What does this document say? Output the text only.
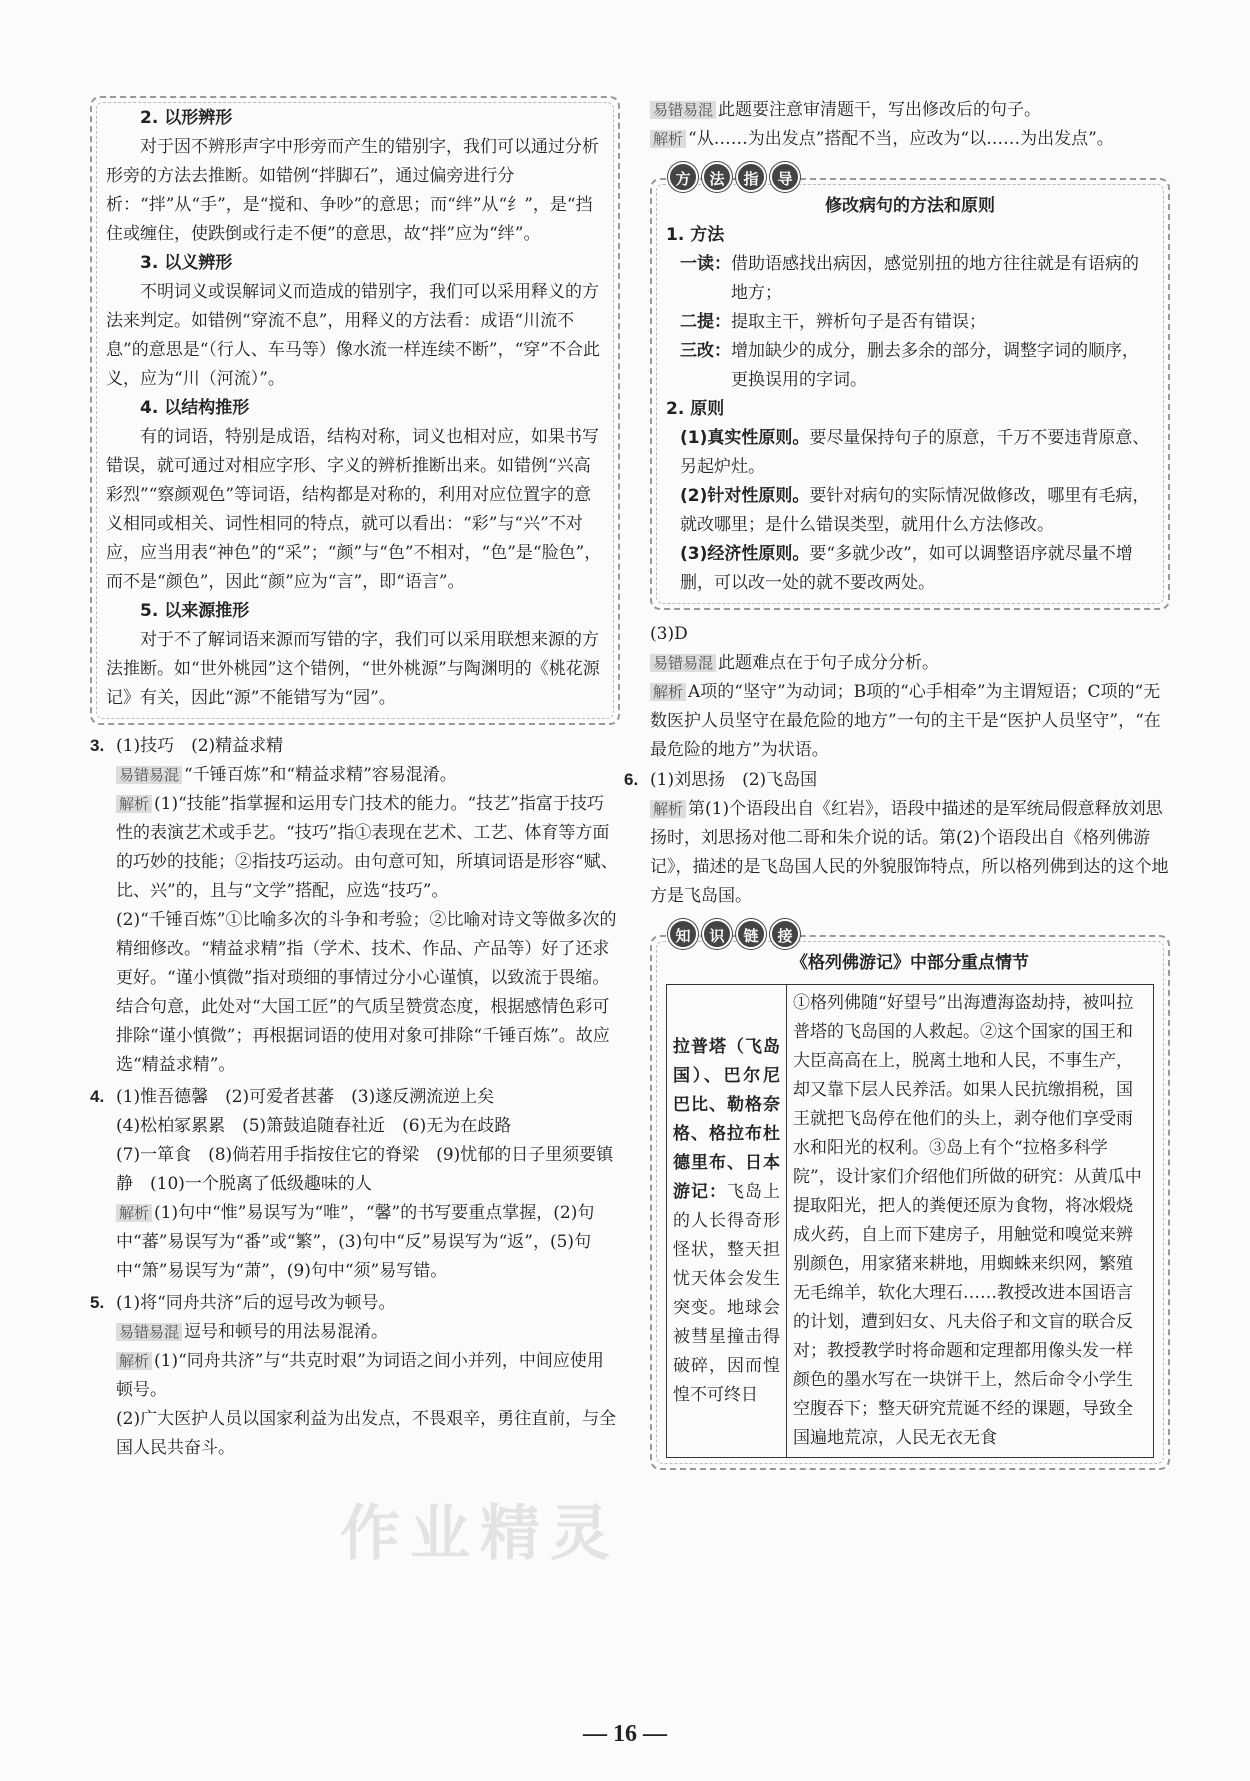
2. 以形辨形

对于因不辨形声字中形旁而产生的错别字，我们可以通过分析形旁的方法去推断。如错例“拌脚石”，通过偏旁进行分析：“拌”从“手”，是“搅和、争吵”的意思；而“绊”从“纟”，是“挡住或缠住，使跌倒或行走不便”的意思，故“拌”应为“绊”。

3. 以义辨形

不明词义或误解词义而造成的错别字，我们可以采用释义的方法来判定。如错例“穿流不息”，用释义的方法看：成语“川流不息”的意思是“（行人、车马等）像水流一样连续不断”，“穿”不合此义，应为“川（河流）”。

4. 以结构推形

有的词语，特别是成语，结构对称，词义也相对应，如果书写错误，就可通过对相应字形、字义的辨析推断出来。如错例“兴高彩烈”“察颜观色”等词语，结构都是对称的，利用对应位置字的意义相同或相关、词性相同的特点，就可以看出：“彩”与“兴”不对应，应当用表“神色”的“采”；“颜”与“色”不相对，“色”是“脸色”，而不是“颜色”，因此“颜”应为“言”，即“语言”。

5. 以来源推形

对于不了解词语来源而写错的字，我们可以采用联想来源的方法推断。如“世外桃园”这个错例，“世外桃源”与陶渊明的《桃花源记》有关，因此“源”不能错写为“园”。

3. (1)技巧　(2)精益求精

易错易混 “千锤百炼”和“精益求精”容易混淆。

解析 (1)“技能”指掌握和运用专门技术的能力。“技艺”指富于技巧性的表演艺术或手艺。“技巧”指①表现在艺术、工艺、体育等方面的巧妙的技能；②指技巧运动。由句意可知，所填词语是形容“赋、比、兴”的，且与“文学”搭配，应选“技巧”。

(2)“千锤百炼”①比喻多次的斗争和考验；②比喻对诗文等做多次的精细修改。“精益求精”指（学术、技术、作品、产品等）好了还求更好。“谨小慎微”指对琐细的事情过分小心谨慎，以致流于畏缩。结合句意，此处对“大国工匠”的气质呈赞赏态度，根据感情色彩可排除“谨小慎微”；再根据词语的使用对象可排除“千锤百炼”。故应选“精益求精”。

4. (1)惟吾德馨　(2)可爱者甚蕃　(3)遂反溯流逆上矣

(4)松柏冢累累　(5)箫鼓追随春社近　(6)无为在歧路

(7)一箪食　(8)倘若用手指按住它的脊梁　(9)忧郁的日子里须要镇静　(10)一个脱离了低级趣味的人

解析 (1)句中“惟”易误写为“唯”，“馨”的书写要重点掌握，(2)句中“蕃”易误写为“番”或“繁”，(3)句中“反”易误写为“返”，(5)句中“箫”易误写为“萧”，(9)句中“须”易写错。

5. (1)将“同舟共济”后的逗号改为顿号。

易错易混 逗号和顿号的用法易混淆。

解析 (1)“同舟共济”与“共克时艰”为词语之间小并列，中间应使用顿号。

(2)广大医护人员以国家利益为出发点，不畏艰辛，勇往直前，与全国人民共奋斗。

易错易混 此题要注意审清题干，写出修改后的句子。

解析 “从……为出发点”搭配不当，应改为“以……为出发点”。

方	法	指	导
修改病句的方法和原则
1. 方法
一读： 借助语感找出病因，感觉别扭的地方往往就是有语病的地方；
二提： 提取主干，辨析句子是否有错误；
三改： 增加缺少的成分，删去多余的部分，调整字词的顺序，更换误用的字词。
2. 原则

(1)真实性原则。要尽量保持句子的原意，千万不要违背原意、另起炉灶。

(2)针对性原则。要针对病句的实际情况做修改，哪里有毛病，就改哪里；是什么错误类型，就用什么方法修改。

(3)经济性原则。要“多就少改”，如可以调整语序就尽量不增删，可以改一处的就不要改两处。

(3)D

易错易混 此题难点在于句子成分分析。

解析 A项的“坚守”为动词；B项的“心手相牵”为主谓短语；C项的“无数医护人员坚守在最危险的地方”一句的主干是“医护人员坚守”，“在最危险的地方”为状语。

6. (1)刘思扬　(2)飞岛国

解析 第(1)个语段出自《红岩》，语段中描述的是军统局假意释放刘思扬时，刘思扬对他二哥和朱介说的话。第(2)个语段出自《格列佛游记》，描述的是飞岛国人民的外貌服饰特点，所以格列佛到达的这个地方是飞岛国。

知	识	链	接
《格列佛游记》中部分重点情节
拉普塔（飞岛国）、巴尔尼巴比、勒格奈格、格拉布杜德里布、日本游记：飞岛上的人长得奇形怪状，整天担忧天体会发生突变。地球会被彗星撞击得破碎，因而惶惶不可终日	①格列佛随“好望号”出海遭海盗劫持，被叫拉普塔的飞岛国的人救起。②这个国家的国王和大臣高高在上，脱离土地和人民，不事生产，却又靠下层人民养活。如果人民抗缴捐税，国王就把飞岛停在他们的头上，剥夺他们享受雨水和阳光的权利。③岛上有个“拉格多科学院”，设计家们介绍他们所做的研究：从黄瓜中提取阳光，把人的粪便还原为食物，将冰煅烧成火药，自上而下建房子，用触觉和嗅觉来辨别颜色，用家猪来耕地，用蜘蛛来织网，繁殖无毛绵羊，软化大理石……教授改进本国语言的计划，遭到妇女、凡夫俗子和文盲的联合反对；教授教学时将命题和定理都用像头发一样颜色的墨水写在一块饼干上，然后命令小学生空腹吞下；整天研究荒诞不经的课题，导致全国遍地荒凉，人民无衣无食
作业精灵
— 16 —
